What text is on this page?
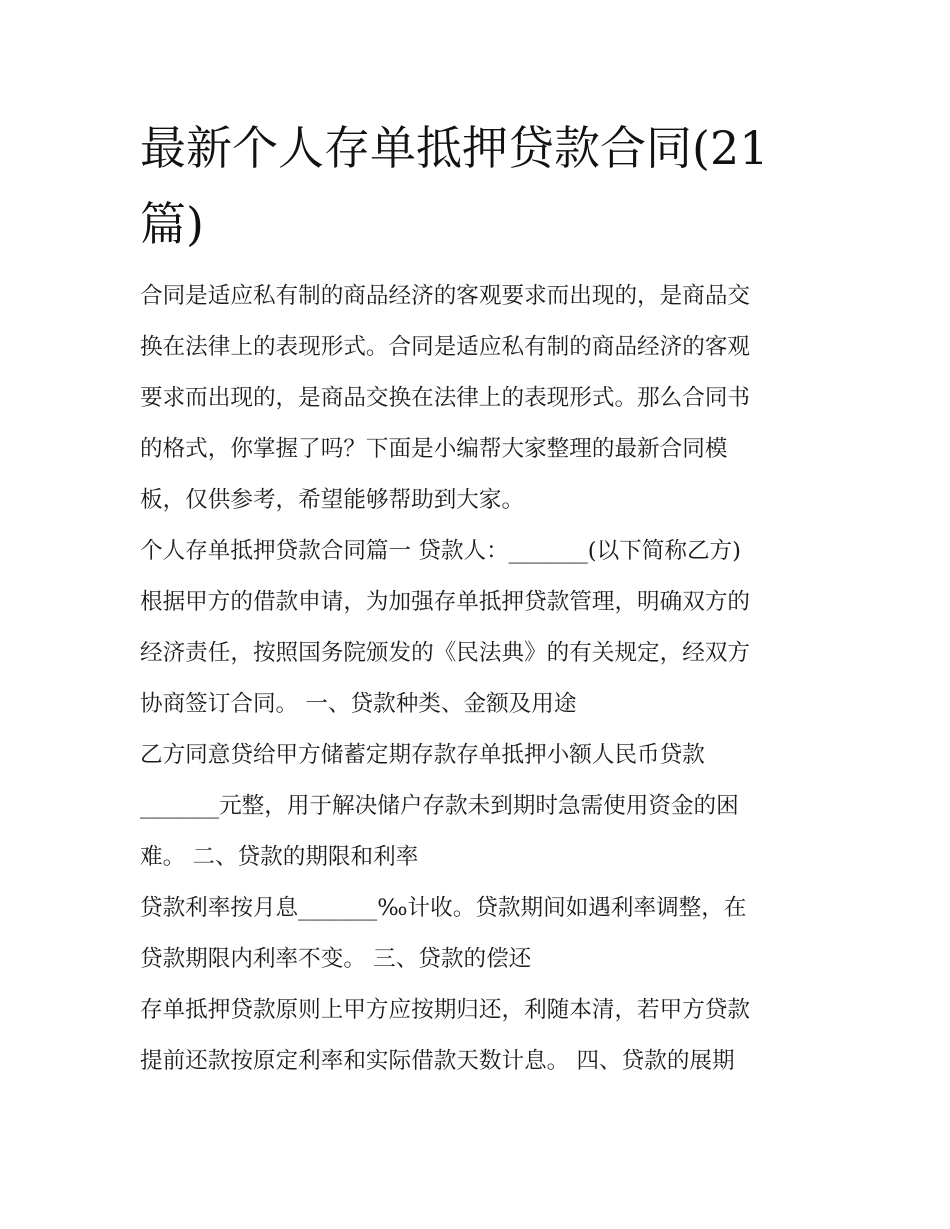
最新个人存单抵押贷款合同(21
篇)

合同是适应私有制的商品经济的客观要求而出现的，是商品交
换在法律上的表现形式。合同是适应私有制的商品经济的客观
要求而出现的，是商品交换在法律上的表现形式。那么合同书
的格式，你掌握了吗？下面是小编帮大家整理的最新合同模
板，仅供参考，希望能够帮助到大家。

个人存单抵押贷款合同篇一 贷款人：_______(以下简称乙方)
根据甲方的借款申请，为加强存单抵押贷款管理，明确双方的
经济责任，按照国务院颁发的《民法典》的有关规定，经双方
协商签订合同。 一、贷款种类、金额及用途

乙方同意贷给甲方储蓄定期存款存单抵押小额人民币贷款
_______元整，用于解决储户存款未到期时急需使用资金的困
难。 二、贷款的期限和利率

贷款利率按月息_______‰计收。贷款期间如遇利率调整，在
贷款期限内利率不变。 三、贷款的偿还

存单抵押贷款原则上甲方应按期归还，利随本清，若甲方贷款
提前还款按原定利率和实际借款天数计息。 四、贷款的展期
